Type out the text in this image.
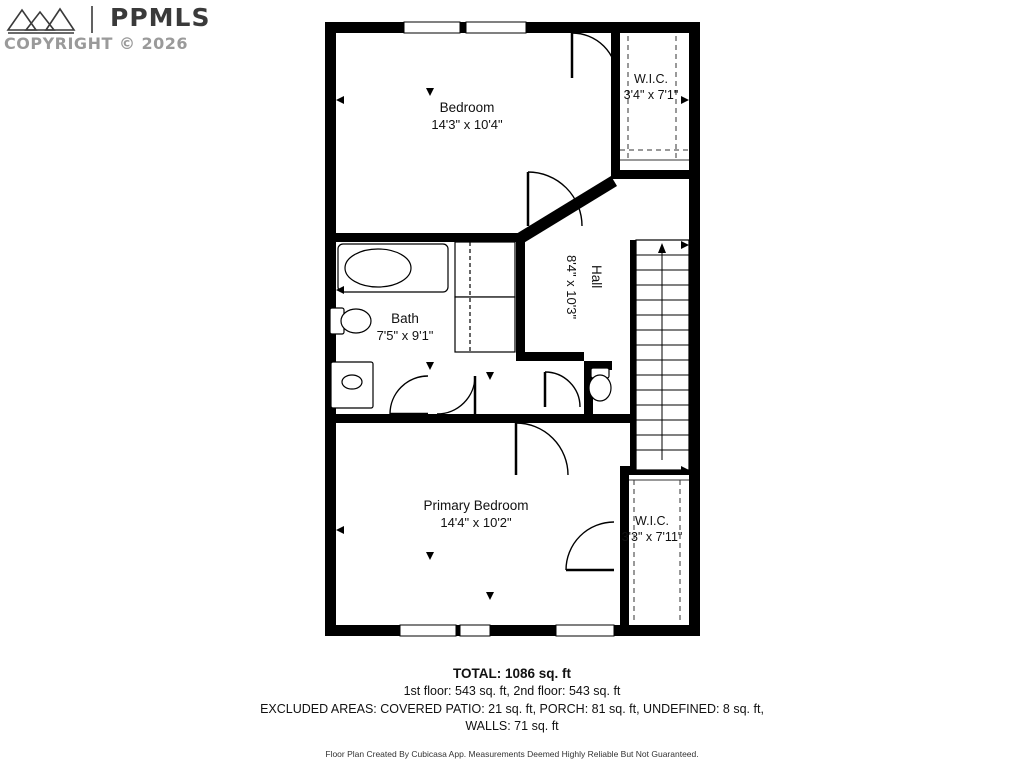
PPMLS
COPYRIGHT © 2026
Bedroom
14'3" x 10'4"
W.I.C.
3'4" x 7'1"
Bath
7'5" x 9'1"
Hall
8'4" x 10'3"
Primary Bedroom
14'4" x 10'2"	W.I.C.
3'3" x 7'11"
TOTAL: 1086 sq. ft
1st floor: 543 sq. ft, 2nd floor: 543 sq. ft
EXCLUDED AREAS: COVERED PATIO: 21 sq. ft, PORCH: 81 sq. ft, UNDEFINED: 8 sq. ft,
WALLS: 71 sq. ft
Floor Plan Created By Cubicasa App. Measurements Deemed Highly Reliable But Not Guaranteed.
